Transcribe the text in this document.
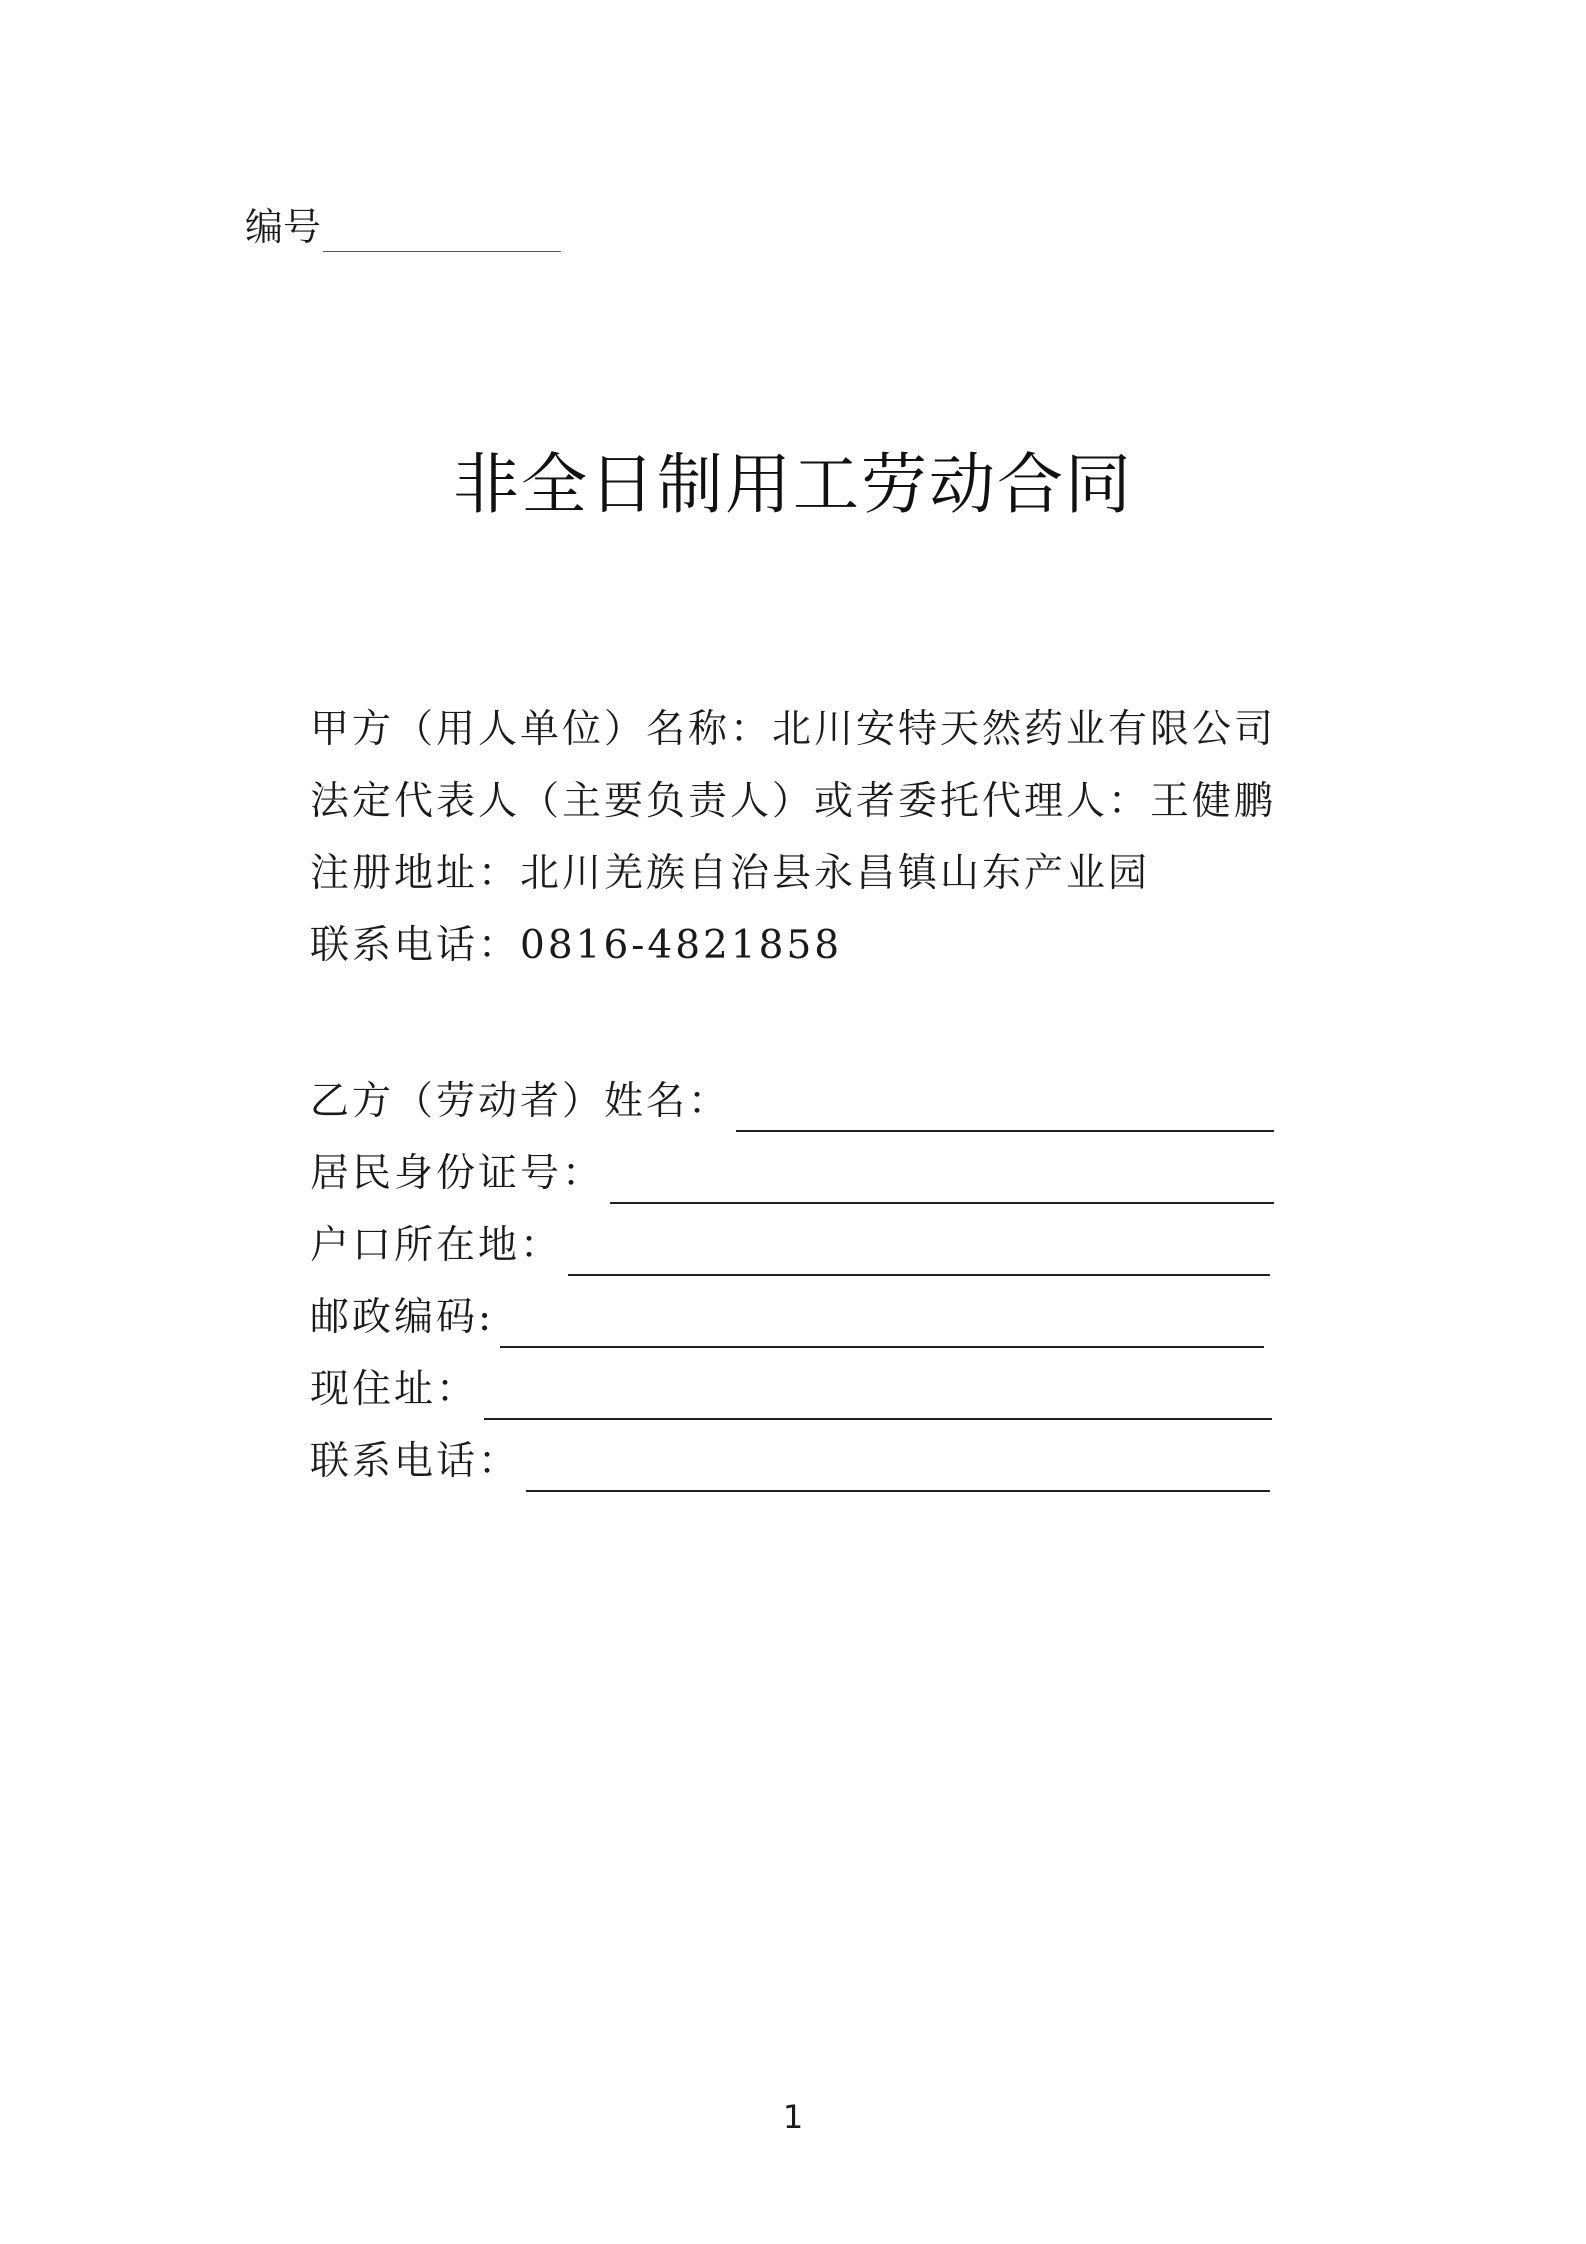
编号
非全日制用工劳动合同
甲方（用人单位）名称：北川安特天然药业有限公司
法定代表人（主要负责人）或者委托代理人：王健鹏
注册地址：北川羌族自治县永昌镇山东产业园
联系电话：0816-4821858
乙方（劳动者）姓名：
居民身份证号：
户口所在地：
邮政编码:
现住址：
联系电话：
1
